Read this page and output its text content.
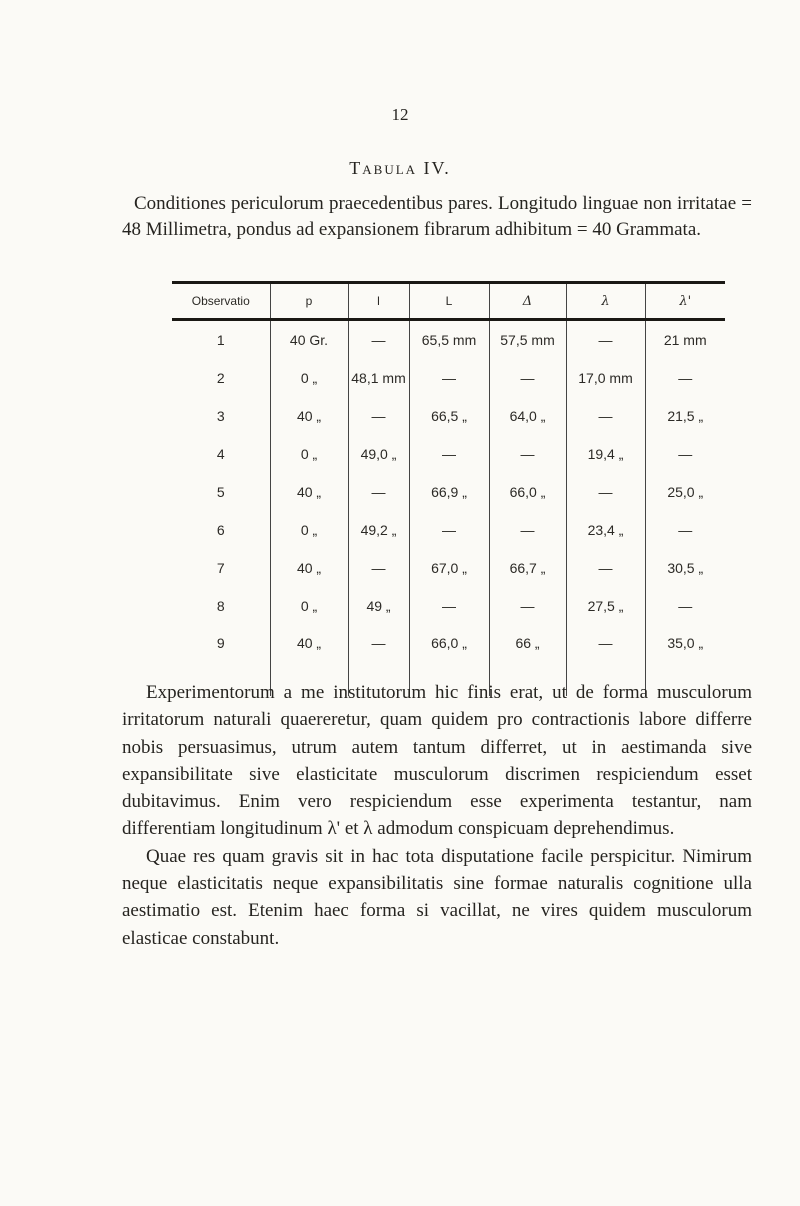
12
Tabula IV.
Conditiones periculorum praecedentibus pares. Longitudo linguae non irritatae = 48 Millimetra, pondus ad expansionem fibrarum adhibitum = 40 Grammata.
Observatio	p	l	L	Δ	λ	λ'
1	40 Gr.	—	65,5 mm	57,5 mm	—	21 mm
2	0 „	48,1 mm	—	—	17,0 mm	—
3	40 „	—	66,5 „	64,0 „	—	21,5 „
4	0 „	49,0 „	—	—	19,4 „	—
5	40 „	—	66,9 „	66,0 „	—	25,0 „
6	0 „	49,2 „	—	—	23,4 „	—
7	40 „	—	67,0 „	66,7 „	—	30,5 „
8	0 „	49 „	—	—	27,5 „	—
9	40 „	—	66,0 „	66 „	—	35,0 „

Experimentorum a me institutorum hic finis erat, ut de forma musculorum irritatorum naturali quaereretur, quam quidem pro contractionis labore differre nobis persuasimus, utrum autem tantum differret, ut in aestimanda sive expansibilitate sive elasticitate musculorum discrimen respiciendum esset dubitavimus. Enim vero respiciendum esse experimenta testantur, nam differentiam longitudinum λ' et λ admodum conspicuam deprehendimus.

Quae res quam gravis sit in hac tota disputatione facile perspicitur. Nimirum neque elasticitatis neque expansibilitatis sine formae naturalis cognitione ulla aestimatio est. Etenim haec forma si vacillat, ne vires quidem musculorum elasticae constabunt.
